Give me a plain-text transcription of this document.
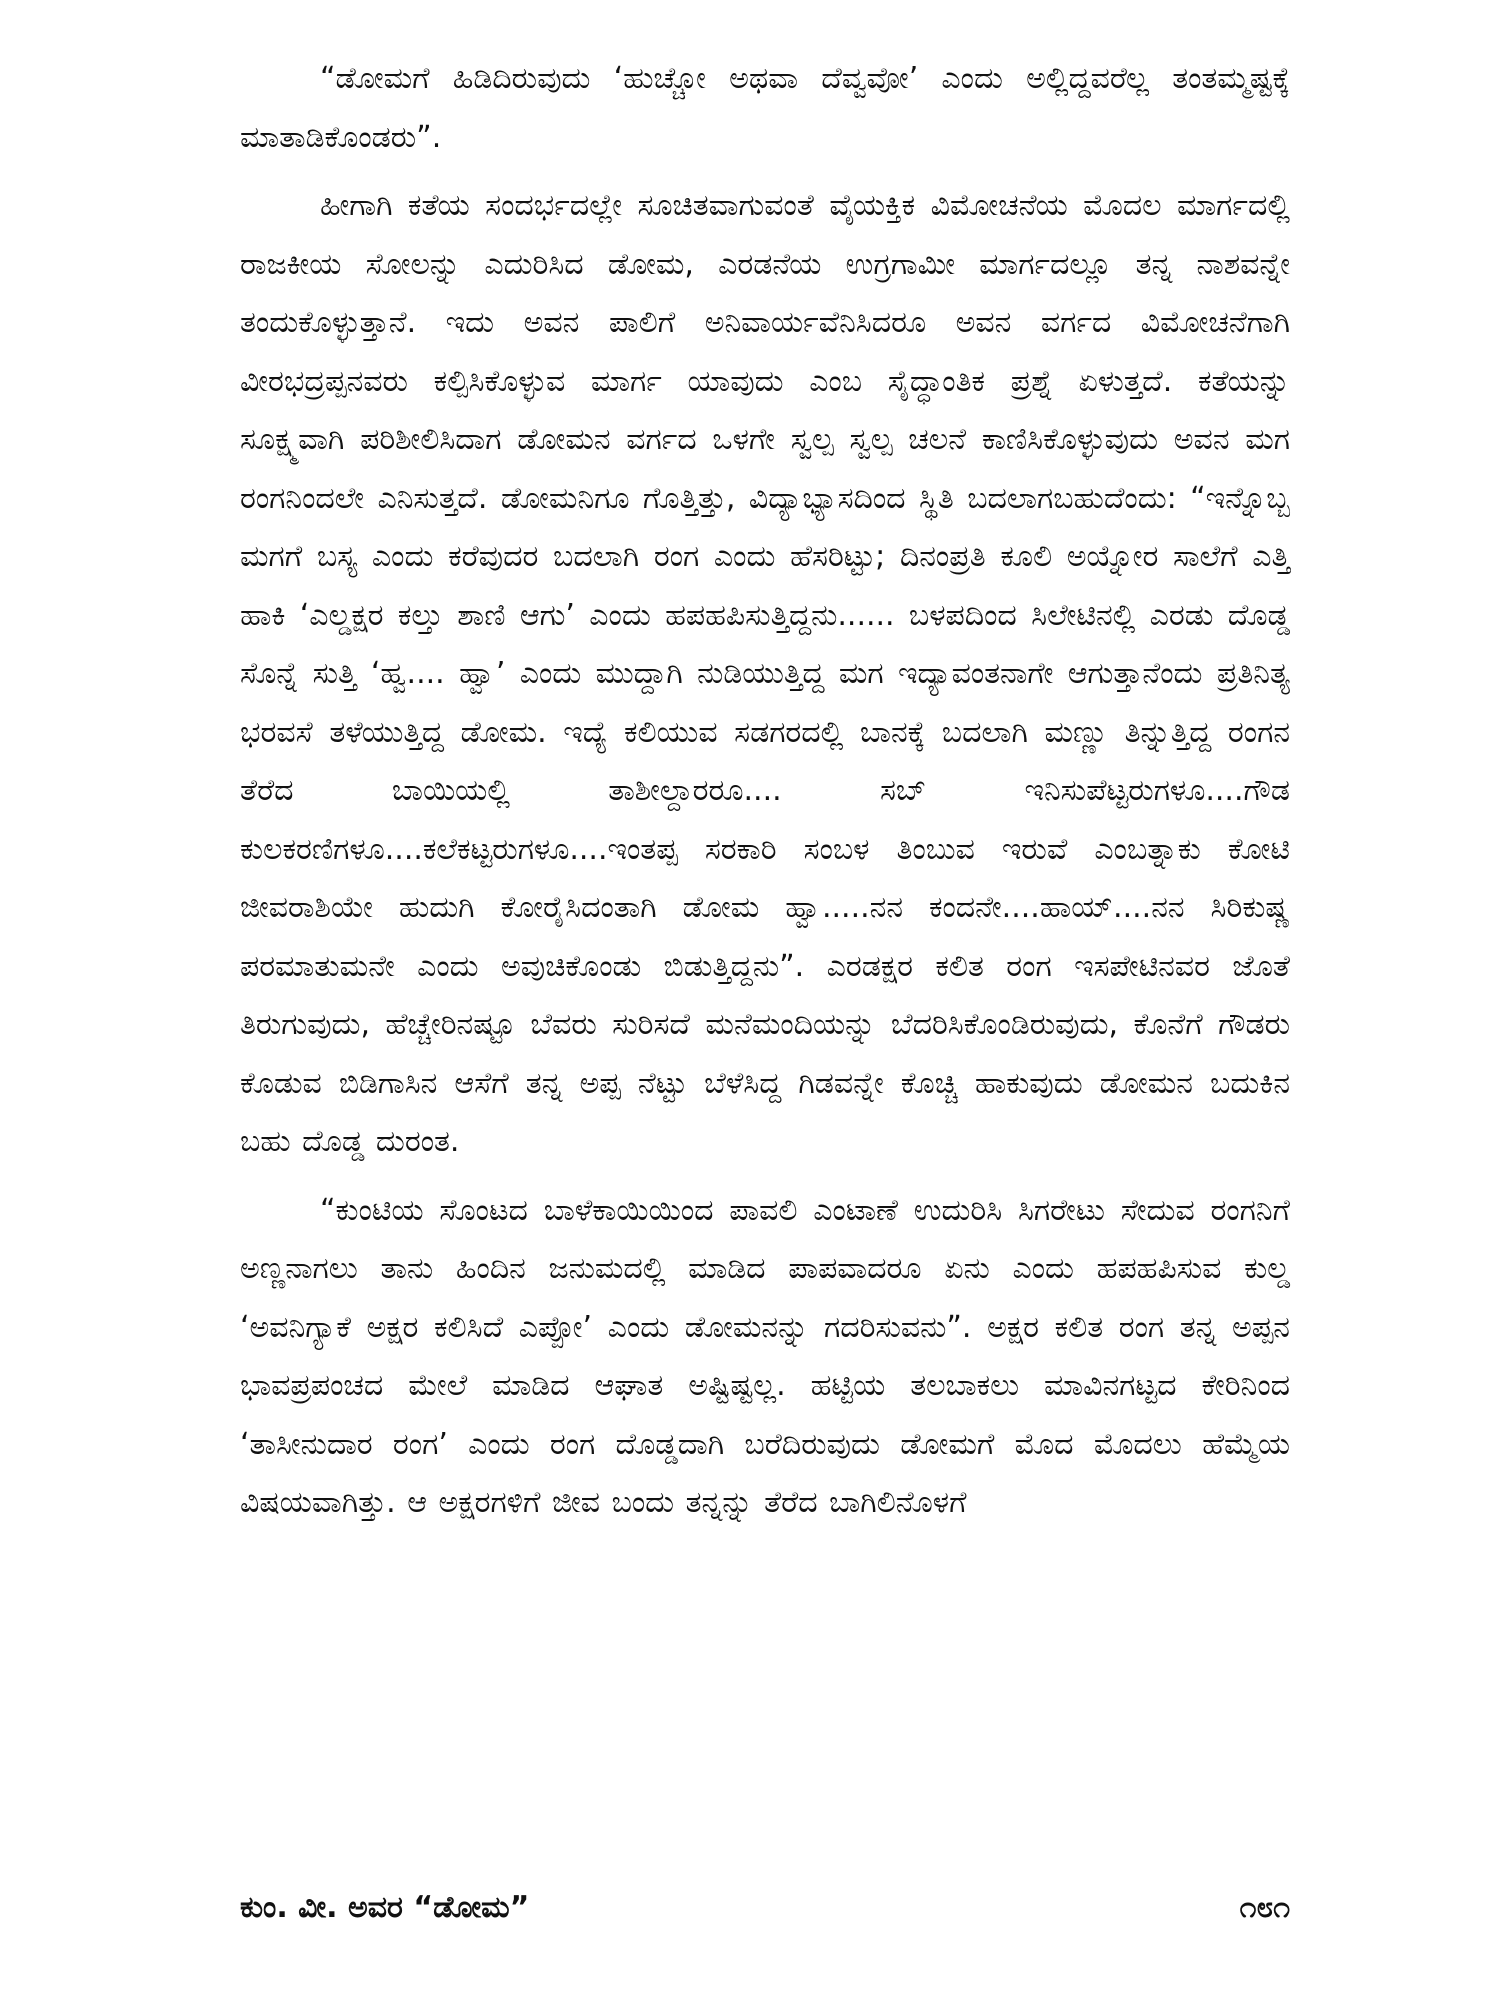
“ಡೋಮಗೆ ಹಿಡಿದಿರುವುದು ‘ಹುಚ್ಚೋ ಅಥವಾ ದೆವ್ವವೋ’ ಎಂದು ಅಲ್ಲಿದ್ದವರೆಲ್ಲ ತಂತಮ್ಮಷ್ಟಕ್ಕೆ ಮಾತಾಡಿಕೊಂಡರು”.

ಹೀಗಾಗಿ ಕತೆಯ ಸಂದರ್ಭದಲ್ಲೇ ಸೂಚಿತವಾಗುವಂತೆ ವೈಯಕ್ತಿಕ ವಿಮೋಚನೆಯ ಮೊದಲ ಮಾರ್ಗದಲ್ಲಿ ರಾಜಕೀಯ ಸೋಲನ್ನು ಎದುರಿಸಿದ ಡೋಮ, ಎರಡನೆಯ ಉಗ್ರಗಾಮೀ ಮಾರ್ಗದಲ್ಲೂ ತನ್ನ ನಾಶವನ್ನೇ ತಂದುಕೊಳ್ಳುತ್ತಾನೆ. ಇದು ಅವನ ಪಾಲಿಗೆ ಅನಿವಾರ್ಯವೆನಿಸಿದರೂ ಅವನ ವರ್ಗದ ವಿಮೋಚನೆಗಾಗಿ ವೀರಭದ್ರಪ್ಪನವರು ಕಲ್ಪಿಸಿಕೊಳ್ಳುವ ಮಾರ್ಗ ಯಾವುದು ಎಂಬ ಸೈದ್ಧಾಂತಿಕ ಪ್ರಶ್ನೆ ಏಳುತ್ತದೆ. ಕತೆಯನ್ನು ಸೂಕ್ಷ್ಮವಾಗಿ ಪರಿಶೀಲಿಸಿದಾಗ ಡೋಮನ ವರ್ಗದ ಒಳಗೇ ಸ್ವಲ್ಪ ಸ್ವಲ್ಪ ಚಲನೆ ಕಾಣಿಸಿಕೊಳ್ಳುವುದು ಅವನ ಮಗ ರಂಗನಿಂದಲೇ ಎನಿಸುತ್ತದೆ. ಡೋಮನಿಗೂ ಗೊತ್ತಿತ್ತು, ವಿದ್ಯಾಭ್ಯಾಸದಿಂದ ಸ್ಥಿತಿ ಬದಲಾಗಬಹುದೆಂದು: “ಇನ್ನೊಬ್ಬ ಮಗಗೆ ಬಸ್ಯ ಎಂದು ಕರೆವುದರ ಬದಲಾಗಿ ರಂಗ ಎಂದು ಹೆಸರಿಟ್ಟು; ದಿನಂಪ್ರತಿ ಕೂಲಿ ಅಯ್ನೋರ ಸಾಲೆಗೆ ಎತ್ತಿ ಹಾಕಿ ‘ಎಲ್ಡಕ್ಷರ ಕಲ್ತು ಶಾಣಿ ಆಗು’ ಎಂದು ಹಪಹಪಿಸುತ್ತಿದ್ದನು...... ಬಳಪದಿಂದ ಸಿಲೇಟಿನಲ್ಲಿ ಎರಡು ದೊಡ್ಡ ಸೊನ್ನೆ ಸುತ್ತಿ ‘ಹ್ವ.... ಹ್ವಾ’ ಎಂದು ಮುದ್ದಾಗಿ ನುಡಿಯುತ್ತಿದ್ದ ಮಗ ಇದ್ಯಾವಂತನಾಗೇ ಆಗುತ್ತಾನೆಂದು ಪ್ರತಿನಿತ್ಯ ಭರವಸೆ ತಳೆಯುತ್ತಿದ್ದ ಡೋಮ. ಇದ್ಯೆ ಕಲಿಯುವ ಸಡಗರದಲ್ಲಿ ಬಾನಕ್ಕೆ ಬದಲಾಗಿ ಮಣ್ಣು ತಿನ್ನುತ್ತಿದ್ದ ರಂಗನ ತೆರೆದ ಬಾಯಿಯಲ್ಲಿ ತಾಶೀಲ್ದಾರರೂ.... ಸಬ್ ಇನಿಸುಪೆಟ್ಟರುಗಳೂ....ಗೌಡ ಕುಲಕರಣಿಗಳೂ....ಕಲೆಕಟ್ಟರುಗಳೂ....ಇಂತಪ್ಪ ಸರಕಾರಿ ಸಂಬಳ ತಿಂಬುವ ಇರುವೆ ಎಂಬತ್ನಾಕು ಕೋಟಿ ಜೀವರಾಶಿಯೇ ಹುದುಗಿ ಕೋರೈಸಿದಂತಾಗಿ ಡೋಮ ಹ್ವಾ.....ನನ ಕಂದನೇ....ಹಾಯ್....ನನ ಸಿರಿಕುಷ್ಣ ಪರಮಾತುಮನೇ ಎಂದು ಅವುಚಿಕೊಂಡು ಬಿಡುತ್ತಿದ್ದನು”. ಎರಡಕ್ಷರ ಕಲಿತ ರಂಗ ಇಸಪೇಟಿನವರ ಜೊತೆ ತಿರುಗುವುದು, ಹೆಚ್ಚೇರಿನಷ್ಟೂ ಬೆವರು ಸುರಿಸದೆ ಮನೆಮಂದಿಯನ್ನು ಬೆದರಿಸಿಕೊಂಡಿರುವುದು, ಕೊನೆಗೆ ಗೌಡರು ಕೊಡುವ ಬಿಡಿಗಾಸಿನ ಆಸೆಗೆ ತನ್ನ ಅಪ್ಪ ನೆಟ್ಟು ಬೆಳೆಸಿದ್ದ ಗಿಡವನ್ನೇ ಕೊಚ್ಚಿ ಹಾಕುವುದು ಡೋಮನ ಬದುಕಿನ ಬಹು ದೊಡ್ಡ ದುರಂತ.

“ಕುಂಟಿಯ ಸೊಂಟದ ಬಾಳೆಕಾಯಿಯಿಂದ ಪಾವಲಿ ಎಂಟಾಣೆ ಉದುರಿಸಿ ಸಿಗರೇಟು ಸೇದುವ ರಂಗನಿಗೆ ಅಣ್ಣನಾಗಲು ತಾನು ಹಿಂದಿನ ಜನುಮದಲ್ಲಿ ಮಾಡಿದ ಪಾಪವಾದರೂ ಏನು ಎಂದು ಹಪಹಪಿಸುವ ಕುಲ್ಡ ‘ಅವನಿಗ್ಯಾಕೆ ಅಕ್ಷರ ಕಲಿಸಿದೆ ಎಪ್ಪೋ’ ಎಂದು ಡೋಮನನ್ನು ಗದರಿಸುವನು”. ಅಕ್ಷರ ಕಲಿತ ರಂಗ ತನ್ನ ಅಪ್ಪನ ಭಾವಪ್ರಪಂಚದ ಮೇಲೆ ಮಾಡಿದ ಆಘಾತ ಅಷ್ಟಿಷ್ಟಲ್ಲ. ಹಟ್ಟಿಯ ತಲಬಾಕಲು ಮಾವಿನಗಟ್ಟದ ಕೇರಿನಿಂದ ‘ತಾಸೀನುದಾರ ರಂಗ’ ಎಂದು ರಂಗ ದೊಡ್ಡದಾಗಿ ಬರೆದಿರುವುದು ಡೋಮಗೆ ಮೊದ ಮೊದಲು ಹೆಮ್ಮೆಯ ವಿಷಯವಾಗಿತ್ತು. ಆ ಅಕ್ಷರಗಳಿಗೆ ಜೀವ ಬಂದು ತನ್ನನ್ನು ತೆರೆದ ಬಾಗಿಲಿನೊಳಗೆ

ಕುಂ. ವೀ. ಅವರ “ಡೋಮ”	೧೮೧
